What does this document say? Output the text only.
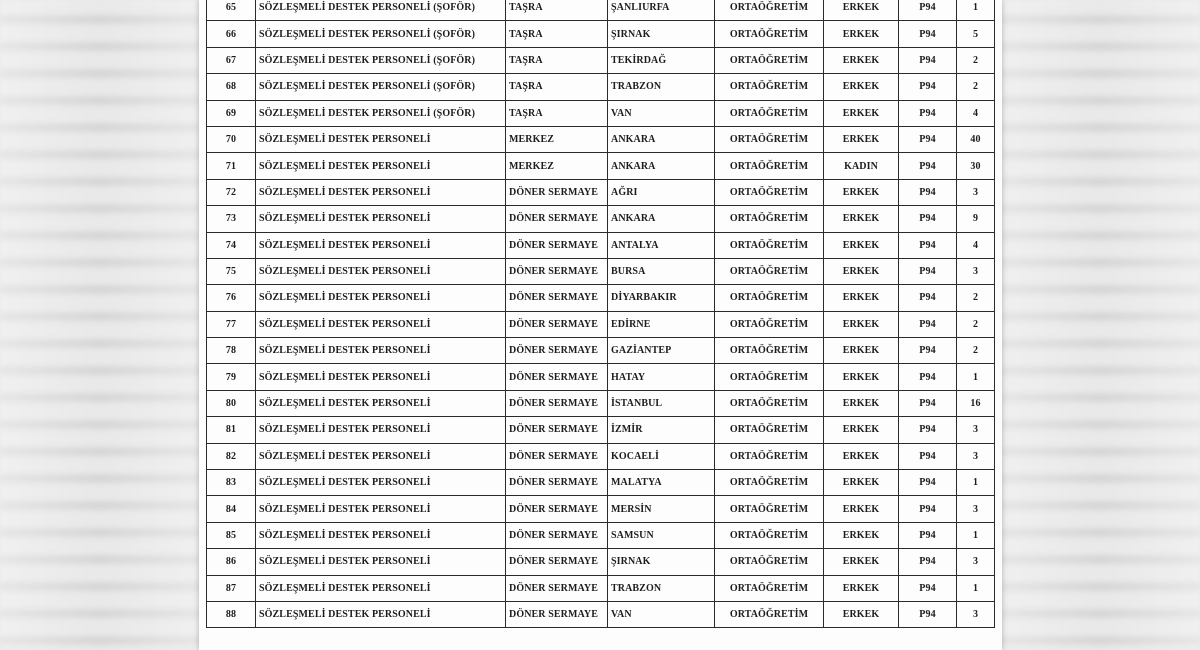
65	SÖZLEŞMELİ DESTEK PERSONELİ (ŞOFÖR)	TAŞRA	ŞANLIURFA	ORTAÖĞRETİM	ERKEK	P94	1
66	SÖZLEŞMELİ DESTEK PERSONELİ (ŞOFÖR)	TAŞRA	ŞIRNAK	ORTAÖĞRETİM	ERKEK	P94	5
67	SÖZLEŞMELİ DESTEK PERSONELİ (ŞOFÖR)	TAŞRA	TEKİRDAĞ	ORTAÖĞRETİM	ERKEK	P94	2
68	SÖZLEŞMELİ DESTEK PERSONELİ (ŞOFÖR)	TAŞRA	TRABZON	ORTAÖĞRETİM	ERKEK	P94	2
69	SÖZLEŞMELİ DESTEK PERSONELİ (ŞOFÖR)	TAŞRA	VAN	ORTAÖĞRETİM	ERKEK	P94	4
70	SÖZLEŞMELİ DESTEK PERSONELİ	MERKEZ	ANKARA	ORTAÖĞRETİM	ERKEK	P94	40
71	SÖZLEŞMELİ DESTEK PERSONELİ	MERKEZ	ANKARA	ORTAÖĞRETİM	KADIN	P94	30
72	SÖZLEŞMELİ DESTEK PERSONELİ	DÖNER SERMAYE	AĞRI	ORTAÖĞRETİM	ERKEK	P94	3
73	SÖZLEŞMELİ DESTEK PERSONELİ	DÖNER SERMAYE	ANKARA	ORTAÖĞRETİM	ERKEK	P94	9
74	SÖZLEŞMELİ DESTEK PERSONELİ	DÖNER SERMAYE	ANTALYA	ORTAÖĞRETİM	ERKEK	P94	4
75	SÖZLEŞMELİ DESTEK PERSONELİ	DÖNER SERMAYE	BURSA	ORTAÖĞRETİM	ERKEK	P94	3
76	SÖZLEŞMELİ DESTEK PERSONELİ	DÖNER SERMAYE	DİYARBAKIR	ORTAÖĞRETİM	ERKEK	P94	2
77	SÖZLEŞMELİ DESTEK PERSONELİ	DÖNER SERMAYE	EDİRNE	ORTAÖĞRETİM	ERKEK	P94	2
78	SÖZLEŞMELİ DESTEK PERSONELİ	DÖNER SERMAYE	GAZİANTEP	ORTAÖĞRETİM	ERKEK	P94	2
79	SÖZLEŞMELİ DESTEK PERSONELİ	DÖNER SERMAYE	HATAY	ORTAÖĞRETİM	ERKEK	P94	1
80	SÖZLEŞMELİ DESTEK PERSONELİ	DÖNER SERMAYE	İSTANBUL	ORTAÖĞRETİM	ERKEK	P94	16
81	SÖZLEŞMELİ DESTEK PERSONELİ	DÖNER SERMAYE	İZMİR	ORTAÖĞRETİM	ERKEK	P94	3
82	SÖZLEŞMELİ DESTEK PERSONELİ	DÖNER SERMAYE	KOCAELİ	ORTAÖĞRETİM	ERKEK	P94	3
83	SÖZLEŞMELİ DESTEK PERSONELİ	DÖNER SERMAYE	MALATYA	ORTAÖĞRETİM	ERKEK	P94	1
84	SÖZLEŞMELİ DESTEK PERSONELİ	DÖNER SERMAYE	MERSİN	ORTAÖĞRETİM	ERKEK	P94	3
85	SÖZLEŞMELİ DESTEK PERSONELİ	DÖNER SERMAYE	SAMSUN	ORTAÖĞRETİM	ERKEK	P94	1
86	SÖZLEŞMELİ DESTEK PERSONELİ	DÖNER SERMAYE	ŞIRNAK	ORTAÖĞRETİM	ERKEK	P94	3
87	SÖZLEŞMELİ DESTEK PERSONELİ	DÖNER SERMAYE	TRABZON	ORTAÖĞRETİM	ERKEK	P94	1
88	SÖZLEŞMELİ DESTEK PERSONELİ	DÖNER SERMAYE	VAN	ORTAÖĞRETİM	ERKEK	P94	3
